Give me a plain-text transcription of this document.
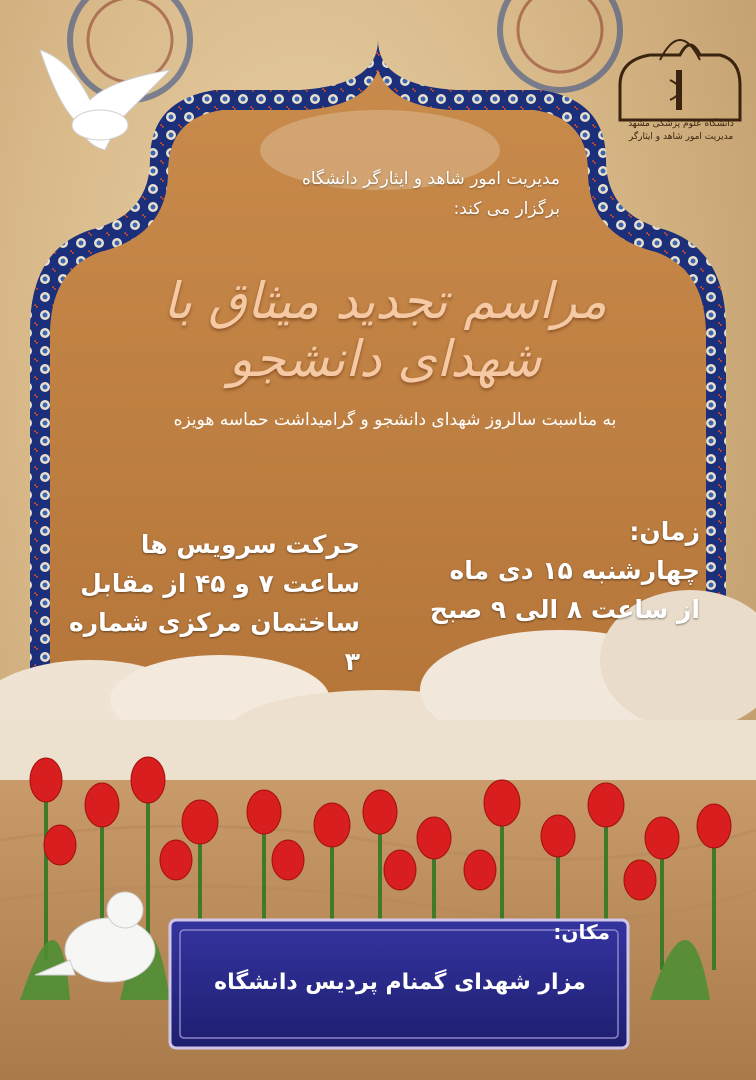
دانشگاه علوم پزشکی مشهد
مدیریت امور شاهد و ایثارگر
مدیریت امور شاهد و ایثارگر دانشگاه
برگزار می کند:
مراسم تجدید میثاق با شهدای دانشجو
به مناسبت سالروز شهدای دانشجو و گرامیداشت حماسه هویزه
زمان:
چهارشنبه ۱۵ دی ماه
از ساعت ۸ الی ۹ صبح
حرکت سرویس ها
ساعت ۷ و ۴۵ از مقابل
ساختمان مرکزی شماره ۳
مکان:
مزار شهدای گمنام پردیس دانشگاه
